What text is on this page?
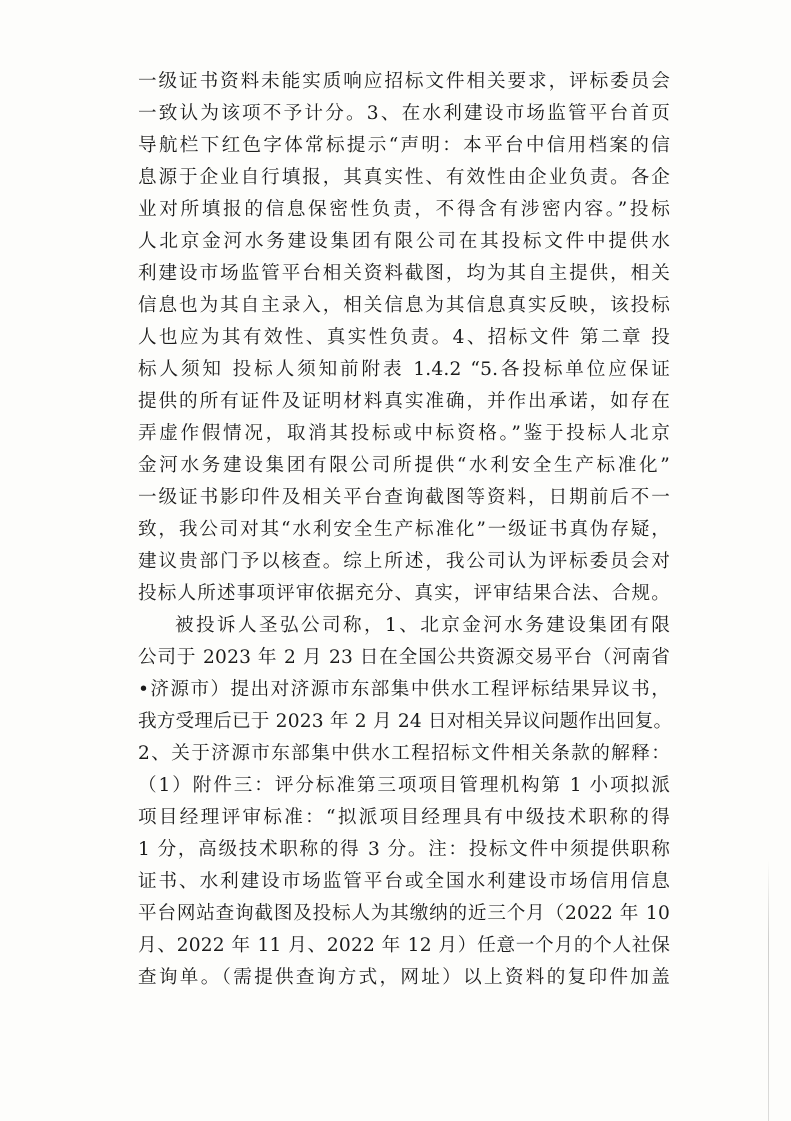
一级证书资料未能实质响应招标文件相关要求，评标委员会
一致认为该项不予计分。3、在水利建设市场监管平台首页
导航栏下红色字体常标提示“声明：本平台中信用档案的信
息源于企业自行填报，其真实性、有效性由企业负责。各企
业对所填报的信息保密性负责，不得含有涉密内容。”投标
人北京金河水务建设集团有限公司在其投标文件中提供水
利建设市场监管平台相关资料截图，均为其自主提供，相关
信息也为其自主录入，相关信息为其信息真实反映，该投标
人也应为其有效性、真实性负责。4、招标文件 第二章 投
标人须知 投标人须知前附表 1.4.2 “5.各投标单位应保证
提供的所有证件及证明材料真实准确，并作出承诺，如存在
弄虚作假情况，取消其投标或中标资格。”鉴于投标人北京
金河水务建设集团有限公司所提供“水利安全生产标准化”
一级证书影印件及相关平台查询截图等资料，日期前后不一
致，我公司对其“水利安全生产标准化”一级证书真伪存疑，
建议贵部门予以核查。综上所述，我公司认为评标委员会对
投标人所述事项评审依据充分、真实，评审结果合法、合规。
被投诉人圣弘公司称，1、北京金河水务建设集团有限
公司于 2023 年 2 月 23 日在全国公共资源交易平台（河南省
•济源市）提出对济源市东部集中供水工程评标结果异议书，
我方受理后已于 2023 年 2 月 24 日对相关异议问题作出回复。
2、关于济源市东部集中供水工程招标文件相关条款的解释：
（1）附件三：评分标准第三项项目管理机构第 1 小项拟派
项目经理评审标准：“拟派项目经理具有中级技术职称的得
1 分，高级技术职称的得 3 分。注：投标文件中须提供职称
证书、水利建设市场监管平台或全国水利建设市场信用信息
平台网站查询截图及投标人为其缴纳的近三个月（2022 年 10
月、2022 年 11 月、2022 年 12 月）任意一个月的个人社保
查询单。（需提供查询方式，网址）以上资料的复印件加盖
